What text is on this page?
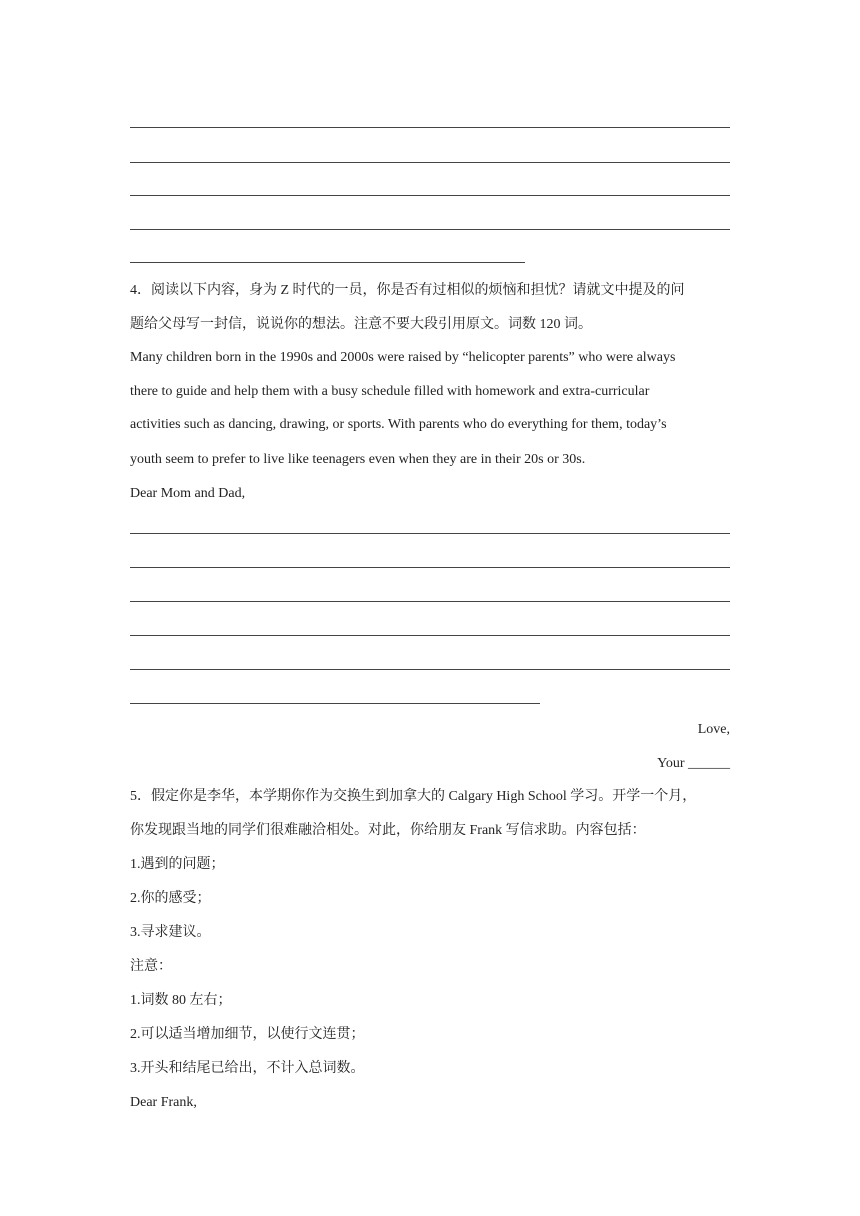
4．阅读以下内容，身为 Z 时代的一员，你是否有过相似的烦恼和担忧？请就文中提及的问
题给父母写一封信，说说你的想法。注意不要大段引用原文。词数 120 词。
Many children born in the 1990s and 2000s were raised by “helicopter parents” who were always
there to guide and help them with a busy schedule filled with homework and extra-curricular
activities such as dancing, drawing, or sports. With parents who do everything for them, today’s
youth seem to prefer to live like teenagers even when they are in their 20s or 30s.
Dear Mom and Dad,
Love,
Your ______
5．假定你是李华，本学期你作为交换生到加拿大的 Calgary High School 学习。开学一个月，
你发现跟当地的同学们很难融洽相处。对此，你给朋友 Frank 写信求助。内容包括：
1.遇到的问题；
2.你的感受；
3.寻求建议。
注意：
1.词数 80 左右；
2.可以适当增加细节，以使行文连贯；
3.开头和结尾已给出，不计入总词数。
Dear Frank,
